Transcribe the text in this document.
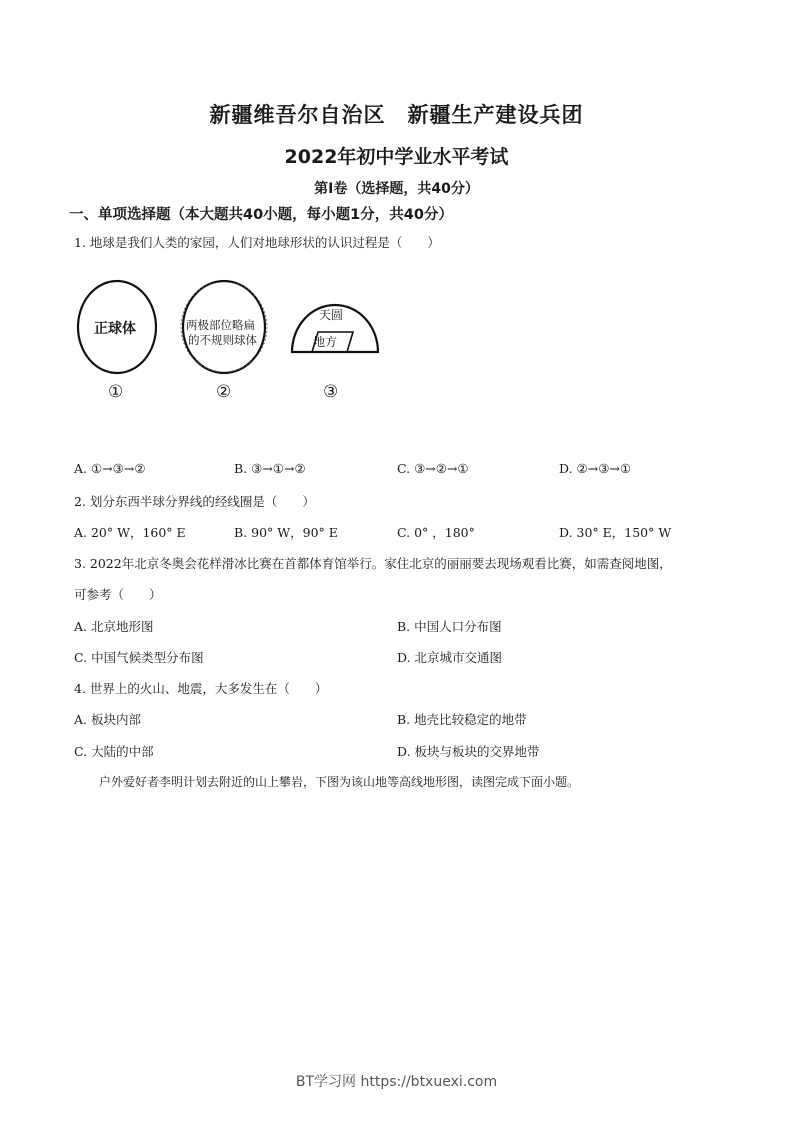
新疆维吾尔自治区 新疆生产建设兵团
2022年初中学业水平考试
第Ⅰ卷（选择题，共40分）
一、单项选择题（本大题共40小题，每小题1分，共40分）
1. 地球是我们人类的家园，人们对地球形状的认识过程是（　　）
正球体	两极部位略扁
的不规则球体
天圆
地方
①	②	③
A. ①→③→②	B. ③→①→②	C. ③→②→①	D. ②→③→①
2. 划分东西半球分界线的经线圈是（　　）
A. 20° W，160° E	B. 90° W，90° E	C. 0° ，180°	D. 30° E，150° W
3. 2022年北京冬奥会花样滑冰比赛在首都体育馆举行。家住北京的丽丽要去现场观看比赛，如需查阅地图，
可参考（　　）
A. 北京地形图	B. 中国人口分布图
C. 中国气候类型分布图	D. 北京城市交通图
4. 世界上的火山、地震，大多发生在（　　）
A. 板块内部	B. 地壳比较稳定的地带
C. 大陆的中部	D. 板块与板块的交界地带
户外爱好者李明计划去附近的山上攀岩，下图为该山地等高线地形图，读图完成下面小题。
BT学习网 https://btxuexi.com
